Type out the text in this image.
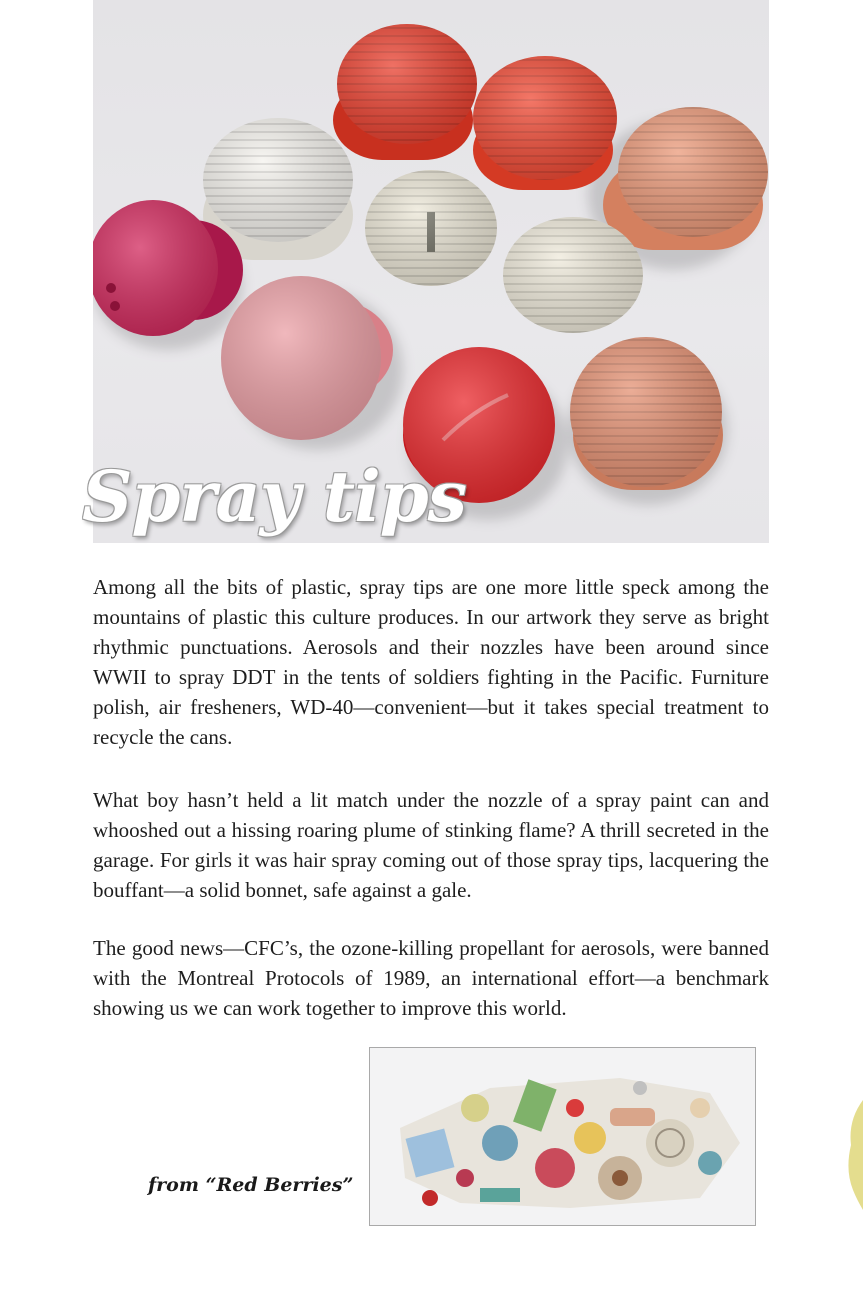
Spray tips

Among all the bits of plastic, spray tips are one more little speck among the mountains of plastic this culture produces. In our artwork they serve as bright rhythmic punctuations. Aerosols and their nozzles have been around since WWII to spray DDT in the tents of soldiers fighting in the Pacific. Furniture polish, air fresheners, WD-40—convenient—but it takes special treatment to recycle the cans.

What boy hasn’t held a lit match under the nozzle of a spray paint can and whooshed out a hissing roaring plume of stinking flame? A thrill secreted in the garage. For girls it was hair spray coming out of those spray tips, lacquering the bouffant—a solid bonnet, safe against a gale.

The good news—CFC’s, the ozone-killing propellant for aerosols, were banned with the Montreal Protocols of 1989, an international effort—a benchmark showing us we can work together to improve this world.

from “Red Berries”
